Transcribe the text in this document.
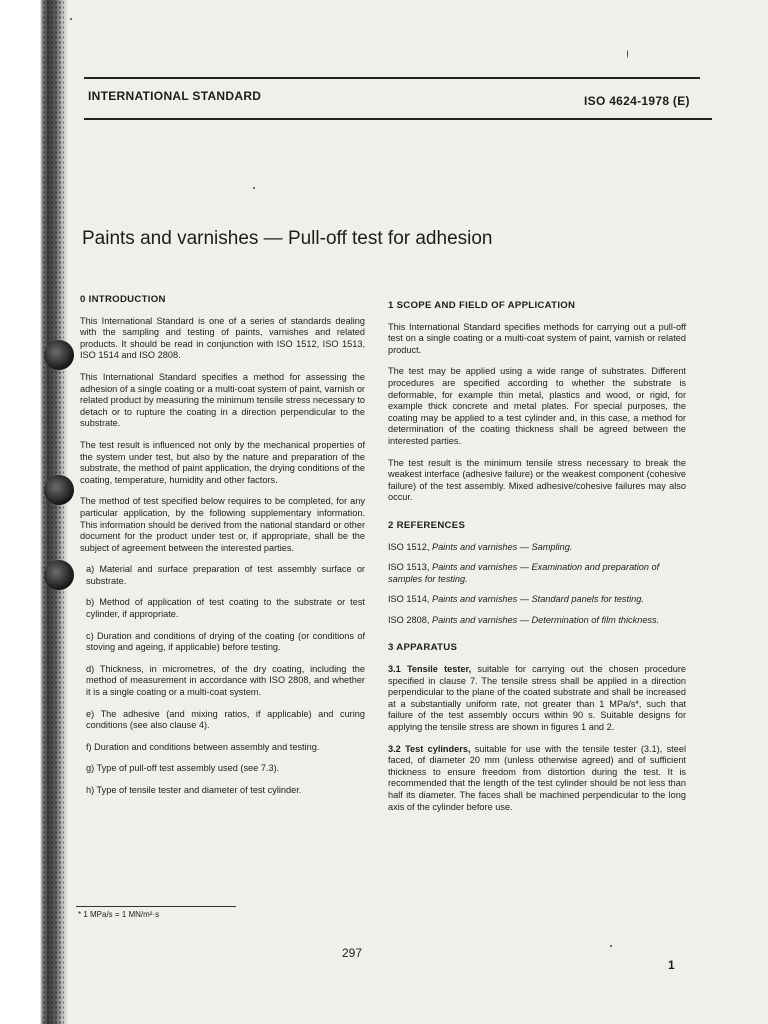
INTERNATIONAL STANDARD	ISO 4624-1978 (E)
Paints and varnishes — Pull-off test for adhesion
0 INTRODUCTION

This International Standard is one of a series of standards dealing with the sampling and testing of paints, varnishes and related products. It should be read in conjunction with ISO 1512, ISO 1513, ISO 1514 and ISO 2808.

This International Standard specifies a method for assessing the adhesion of a single coating or a multi-coat system of paint, varnish or related product by measuring the minimum tensile stress necessary to detach or to rupture the coating in a direction perpendicular to the substrate.

The test result is influenced not only by the mechanical properties of the system under test, but also by the nature and preparation of the substrate, the method of paint application, the drying conditions of the coating, temperature, humidity and other factors.

The method of test specified below requires to be completed, for any particular application, by the following supplementary information. This information should be derived from the national standard or other document for the product under test or, if appropriate, shall be the subject of agreement between the interested parties.

a) Material and surface preparation of test assembly surface or substrate.
b) Method of application of test coating to the substrate or test cylinder, if appropriate.
c) Duration and conditions of drying of the coating (or conditions of stoving and ageing, if applicable) before testing.
d) Thickness, in micrometres, of the dry coating, including the method of measurement in accordance with ISO 2808, and whether it is a single coating or a multi-coat system.
e) The adhesive (and mixing ratios, if applicable) and curing conditions (see also clause 4).
f) Duration and conditions between assembly and testing.
g) Type of pull-off test assembly used (see 7.3).
h) Type of tensile tester and diameter of test cylinder.
1 SCOPE AND FIELD OF APPLICATION

This International Standard specifies methods for carrying out a pull-off test on a single coating or a multi-coat system of paint, varnish or related product.

The test may be applied using a wide range of substrates. Different procedures are specified according to whether the substrate is deformable, for example thin metal, plastics and wood, or rigid, for example thick concrete and metal plates. For special purposes, the coating may be applied to a test cylinder and, in this case, a method for determination of the coating thickness shall be agreed between the interested parties.

The test result is the minimum tensile stress necessary to break the weakest interface (adhesive failure) or the weakest component (cohesive failure) of the test assembly. Mixed adhesive/cohesive failures may also occur.

2 REFERENCES
ISO 1512, Paints and varnishes — Sampling.
ISO 1513, Paints and varnishes — Examination and preparation of samples for testing.
ISO 1514, Paints and varnishes — Standard panels for testing.
ISO 2808, Paints and varnishes — Determination of film thickness.
3 APPARATUS

3.1 Tensile tester, suitable for carrying out the chosen procedure specified in clause 7. The tensile stress shall be applied in a direction perpendicular to the plane of the coated substrate and shall be increased at a substantially uniform rate, not greater than 1 MPa/s*, such that failure of the test assembly occurs within 90 s. Suitable designs for applying the tensile stress are shown in figures 1 and 2.

3.2 Test cylinders, suitable for use with the tensile tester (3.1), steel faced, of diameter 20 mm (unless otherwise agreed) and of sufficient thickness to ensure freedom from distortion during the test. It is recommended that the length of the test cylinder should be not less than half its diameter. The faces shall be machined perpendicular to the long axis of the cylinder before use.

* 1 MPa/s = 1 MN/m²·s
297
1
